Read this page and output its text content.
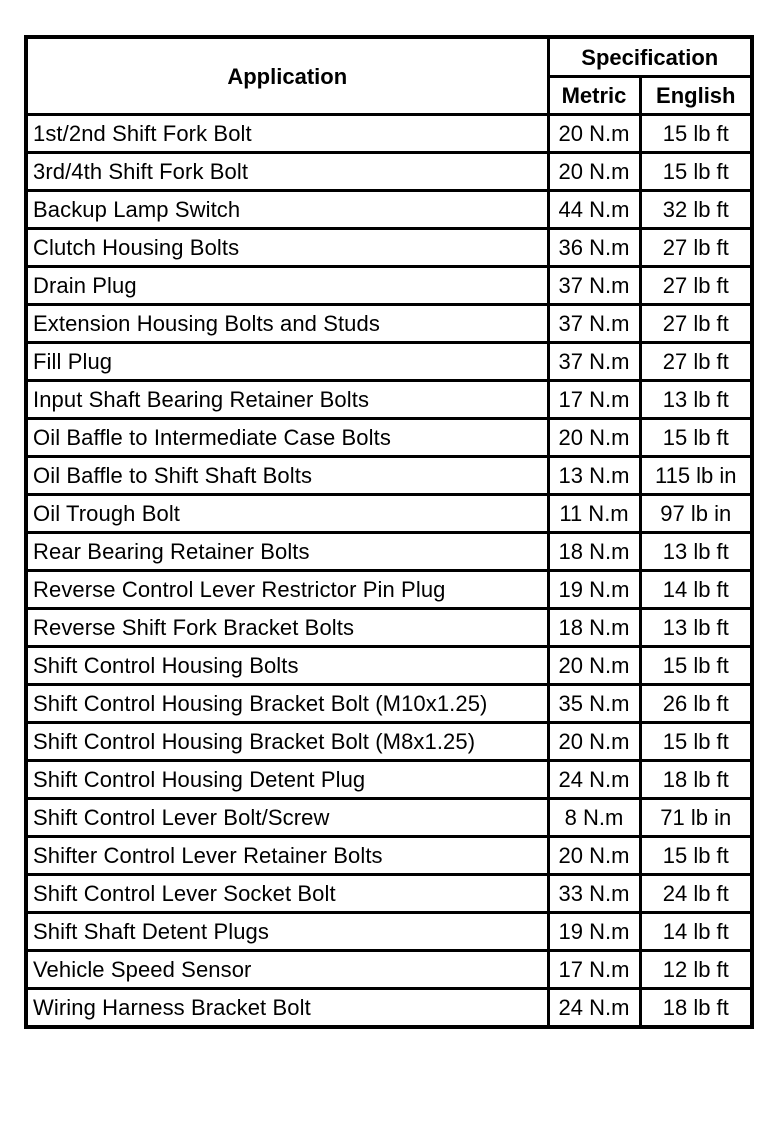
Application	Specification	
	Metric	English
1st/2nd Shift Fork Bolt	20 N.m	15 lb ft
3rd/4th Shift Fork Bolt	20 N.m	15 lb ft
Backup Lamp Switch	44 N.m	32 lb ft
Clutch Housing Bolts	36 N.m	27 lb ft
Drain Plug	37 N.m	27 lb ft
Extension Housing Bolts and Studs	37 N.m	27 lb ft
Fill Plug	37 N.m	27 lb ft
Input Shaft Bearing Retainer Bolts	17 N.m	13 lb ft
Oil Baffle to Intermediate Case Bolts	20 N.m	15 lb ft
Oil Baffle to Shift Shaft Bolts	13 N.m	115 lb in
Oil Trough Bolt	11 N.m	97 lb in
Rear Bearing Retainer Bolts	18 N.m	13 lb ft
Reverse Control Lever Restrictor Pin Plug	19 N.m	14 lb ft
Reverse Shift Fork Bracket Bolts	18 N.m	13 lb ft
Shift Control Housing Bolts	20 N.m	15 lb ft
Shift Control Housing Bracket Bolt (M10x1.25)	35 N.m	26 lb ft
Shift Control Housing Bracket Bolt (M8x1.25)	20 N.m	15 lb ft
Shift Control Housing Detent Plug	24 N.m	18 lb ft
Shift Control Lever Bolt/Screw	8 N.m	71 lb in
Shifter Control Lever Retainer Bolts	20 N.m	15 lb ft
Shift Control Lever Socket Bolt	33 N.m	24 lb ft
Shift Shaft Detent Plugs	19 N.m	14 lb ft
Vehicle Speed Sensor	17 N.m	12 lb ft
Wiring Harness Bracket Bolt	24 N.m	18 lb ft
